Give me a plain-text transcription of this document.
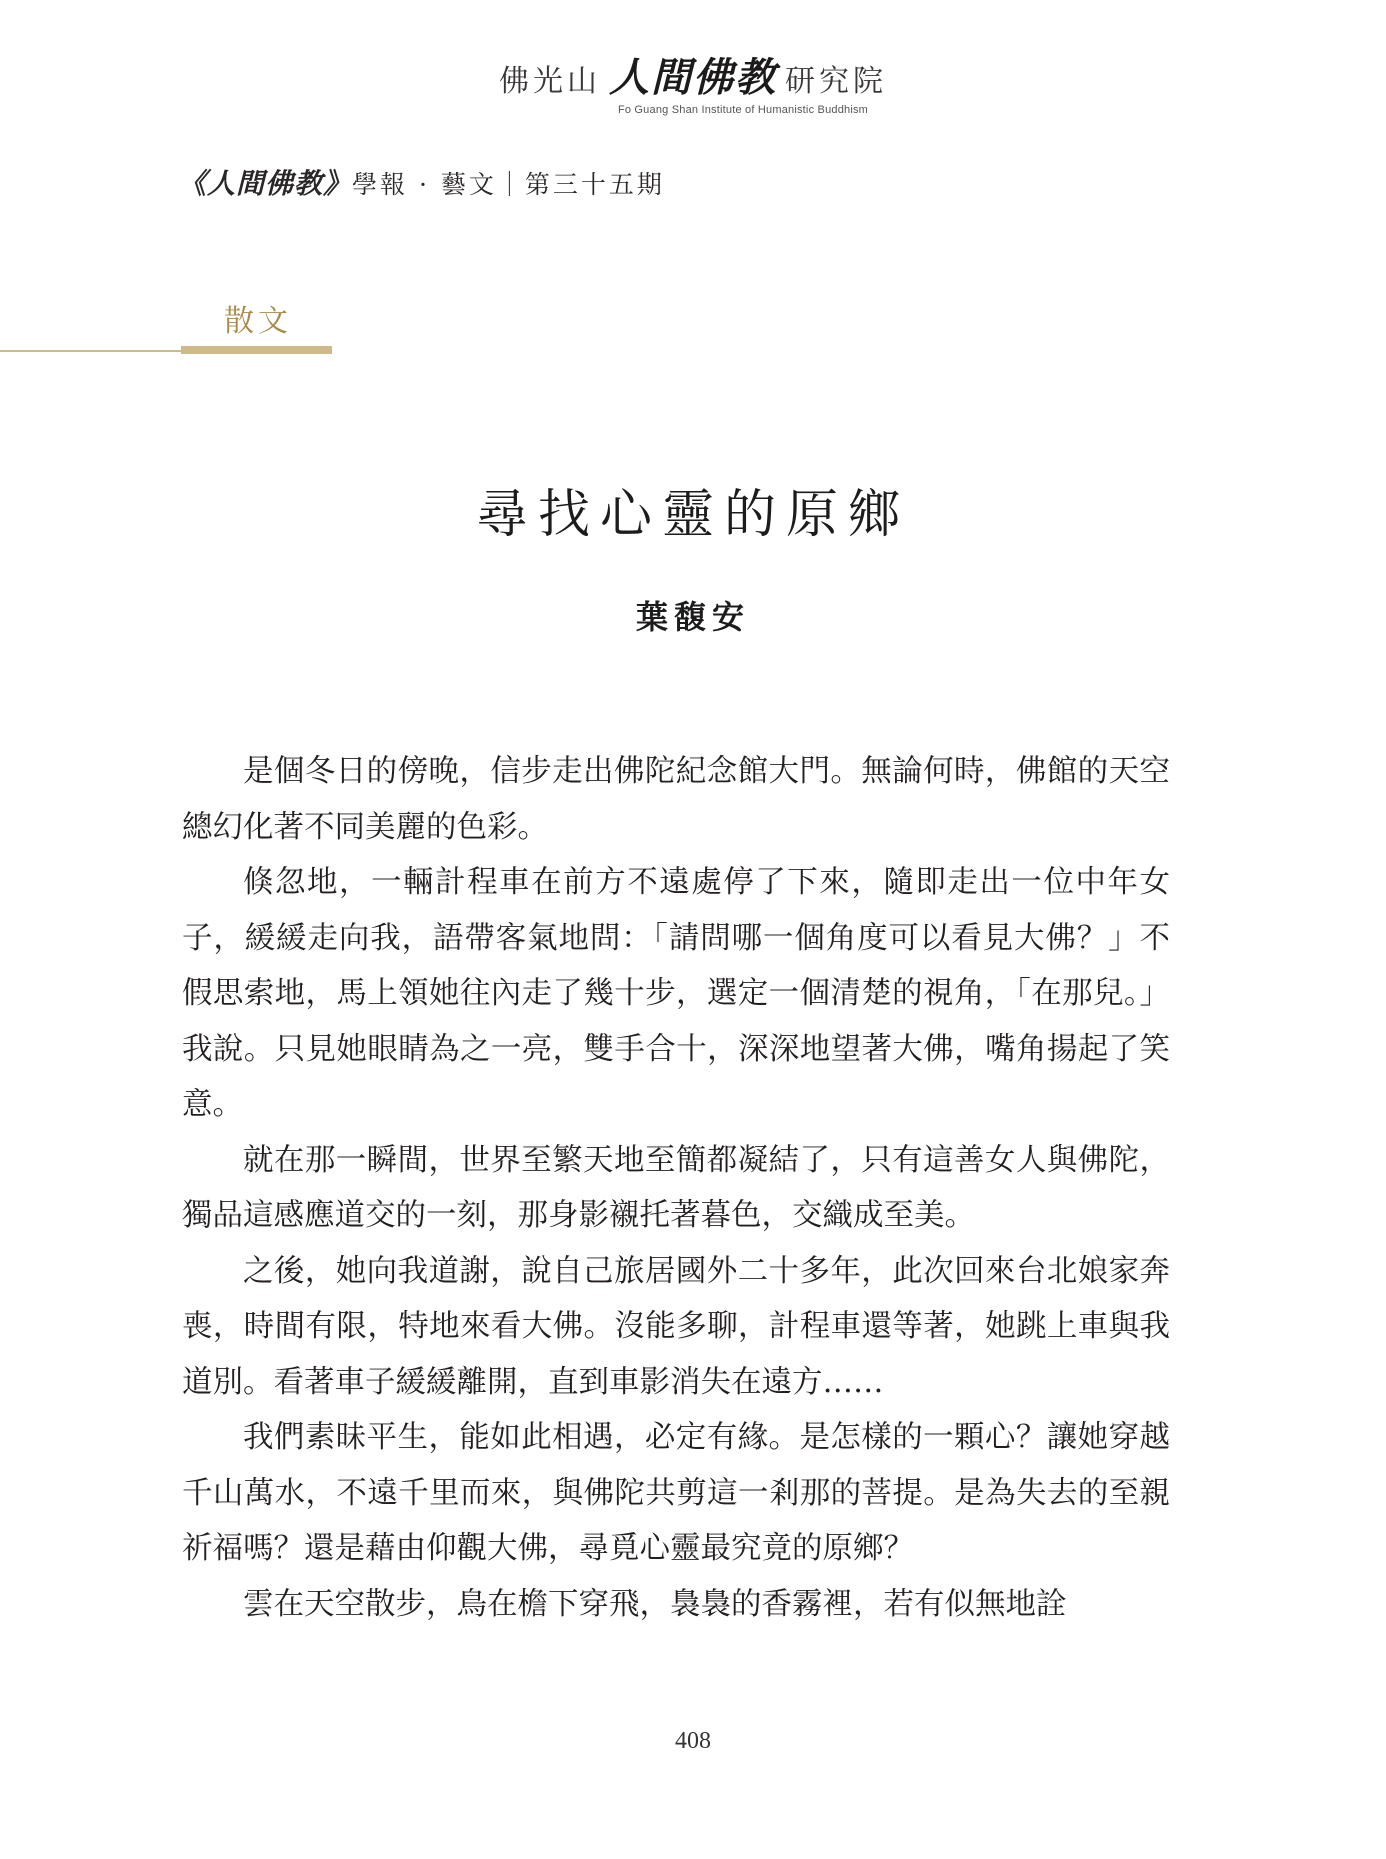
佛光山 人間佛教 研究院
Fo Guang Shan Institute of Humanistic Buddhism
《人間佛教》學報 · 藝文｜第三十五期
散文
尋找心靈的原鄉
葉馥安

是個冬日的傍晚，信步走出佛陀紀念館大門。無論何時，佛館的天空總幻化著不同美麗的色彩。

倏忽地，一輛計程車在前方不遠處停了下來，隨即走出一位中年女子，緩緩走向我，語帶客氣地問：「請問哪一個角度可以看見大佛？」不假思索地，馬上領她往內走了幾十步，選定一個清楚的視角，「在那兒。」我說。只見她眼睛為之一亮，雙手合十，深深地望著大佛，嘴角揚起了笑意。

就在那一瞬間，世界至繁天地至簡都凝結了，只有這善女人與佛陀，獨品這感應道交的一刻，那身影襯托著暮色，交織成至美。

之後，她向我道謝，說自己旅居國外二十多年，此次回來台北娘家奔喪，時間有限，特地來看大佛。沒能多聊，計程車還等著，她跳上車與我道別。看著車子緩緩離開，直到車影消失在遠方……

我們素昧平生，能如此相遇，必定有緣。是怎樣的一顆心？讓她穿越千山萬水，不遠千里而來，與佛陀共剪這一剎那的菩提。是為失去的至親祈福嗎？還是藉由仰觀大佛，尋覓心靈最究竟的原鄉？

雲在天空散步，鳥在檐下穿飛，裊裊的香霧裡，若有似無地詮

408
